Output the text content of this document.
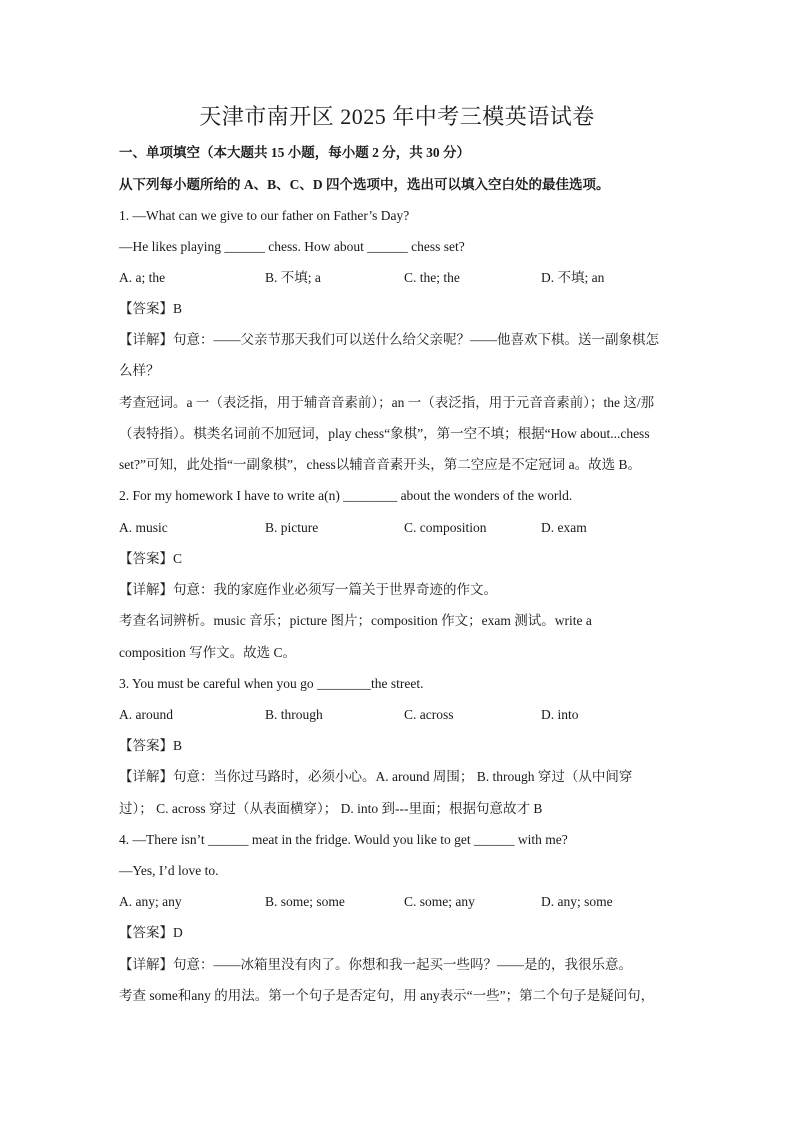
天津市南开区 2025 年中考三模英语试卷
一、单项填空（本大题共 15 小题，每小题 2 分，共 30 分）
从下列每小题所给的 A、B、C、D 四个选项中，选出可以填入空白处的最佳选项。
1. —What can we give to our father on Father’s Day?
—He likes playing ______ chess. How about ______ chess set?
A. a; the	B. 不填; a	C. the; the	D. 不填; an
【答案】B
【详解】句意：——父亲节那天我们可以送什么给父亲呢？——他喜欢下棋。送一副象棋怎
么样？
考查冠词。a 一（表泛指，用于辅音音素前）；an 一（表泛指，用于元音音素前）；the 这/那
（表特指）。棋类名词前不加冠词，play chess“象棋”，第一空不填；根据“How about...chess
set?”可知，此处指“一副象棋”，chess以辅音音素开头，第二空应是不定冠词 a。故选 B。
2. For my homework I have to write a(n) ________ about the wonders of the world.
A. music	B. picture	C. composition	D. exam
【答案】C
【详解】句意：我的家庭作业必须写一篇关于世界奇迹的作文。
考查名词辨析。music 音乐；picture 图片；composition 作文；exam 测试。write a
composition 写作文。故选 C。
3. You must be careful when you go ________the street.
A. around	B. through	C. across	D. into
【答案】B
【详解】句意：当你过马路时，必须小心。A. around 周围； B. through 穿过（从中间穿
过）； C. across 穿过（从表面横穿）； D. into 到---里面；根据句意故才 B
4. —There isn’t ______ meat in the fridge. Would you like to get ______ with me?
—Yes, I’d love to.
A. any; any	B. some; some	C. some; any	D. any; some
【答案】D
【详解】句意：——冰箱里没有肉了。你想和我一起买一些吗？——是的，我很乐意。
考查 some和any 的用法。第一个句子是否定句，用 any表示“一些”；第二个句子是疑问句，
